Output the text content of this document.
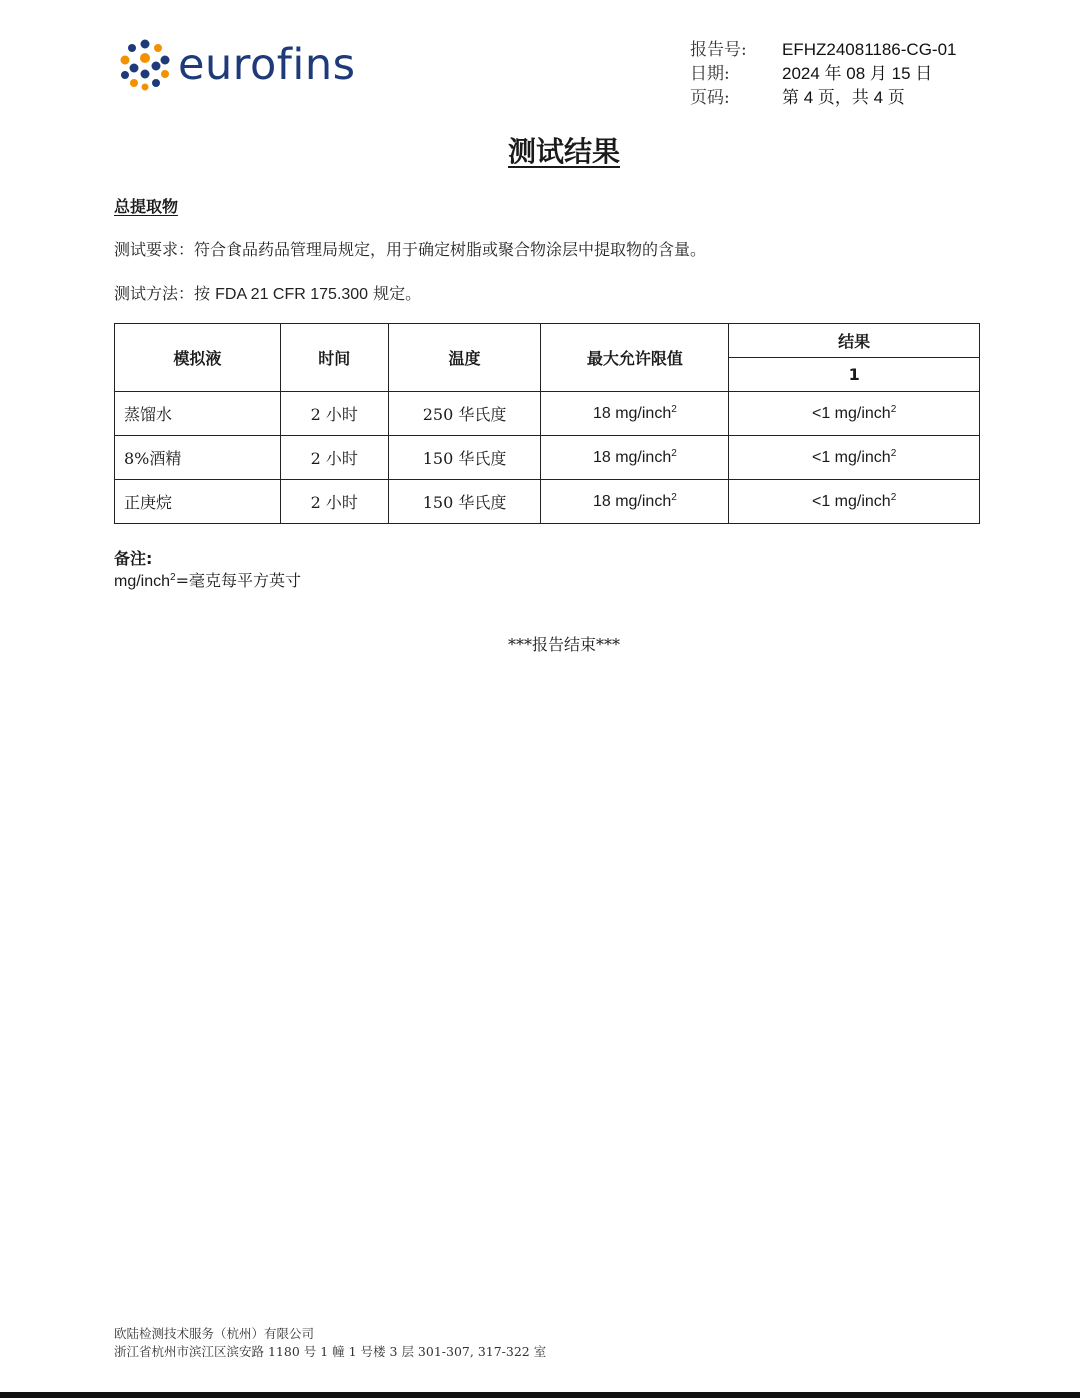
eurofins	报告号:	EFHZ24081186-CG-01
日期:	2024 年 08 月 15 日
页码:	第 4 页，共 4 页
测试结果
总提取物
测试要求：符合食品药品管理局规定，用于确定树脂或聚合物涂层中提取物的含量。
测试方法：按 FDA 21 CFR 175.300 规定。
模拟液	时间	温度	最大允许限值	结果
				1
蒸馏水	2 小时	250 华氏度	18 mg/inch$^2$	<1 mg/inch$^2$
8%酒精	2 小时	150 华氏度	18 mg/inch$^2$	<1 mg/inch$^2$
正庚烷	2 小时	150 华氏度	18 mg/inch$^2$	<1 mg/inch$^2$
备注:
mg/inch$^2$=毫克每平方英寸
***报告结束***
欧陆检测技术服务（杭州）有限公司
浙江省杭州市滨江区滨安路 1180 号 1 幢 1 号楼 3 层 301-307, 317-322 室
